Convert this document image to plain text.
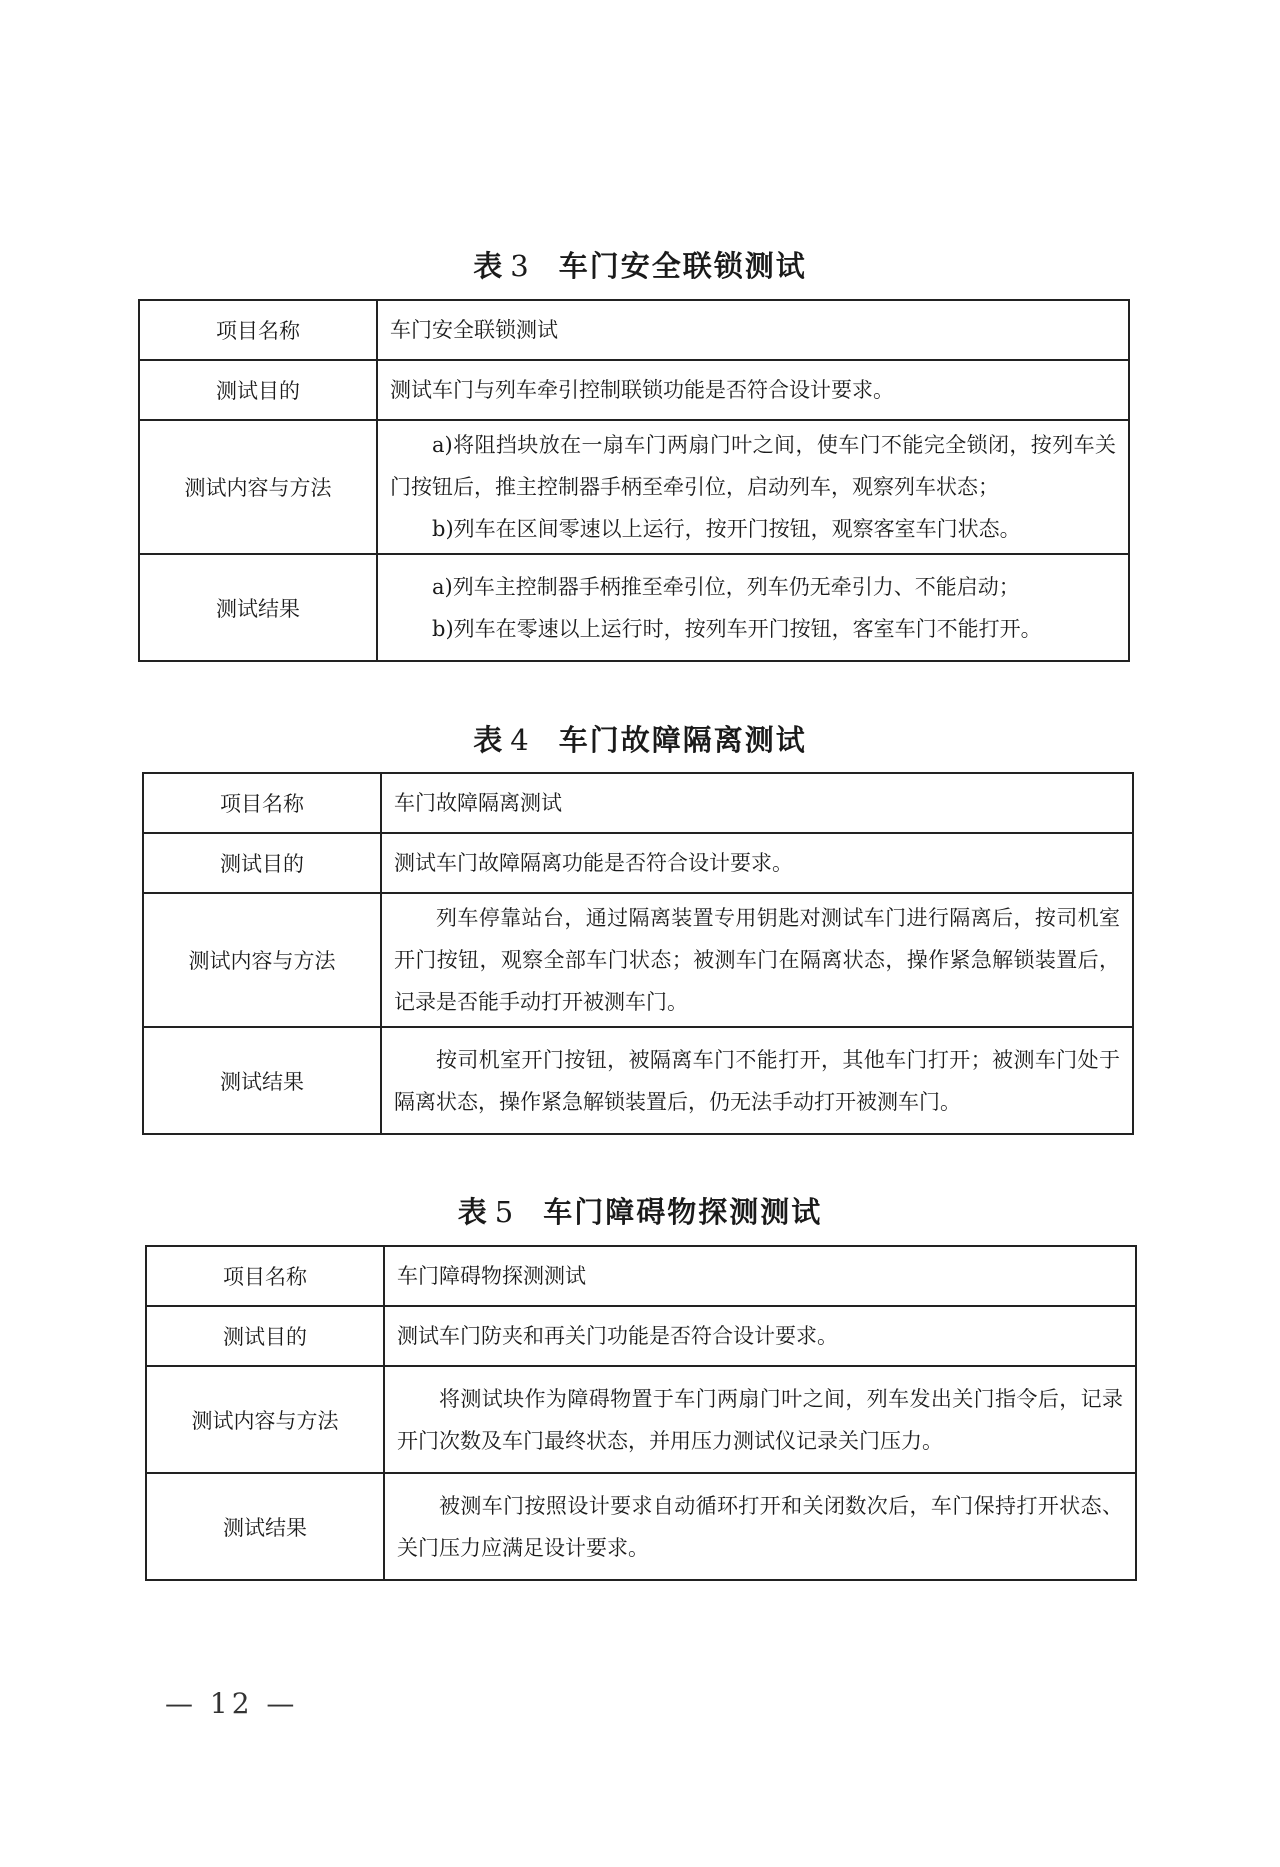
表 3 车门安全联锁测试
项目名称	车门安全联锁测试

测试目的	测试车门与列车牵引控制联锁功能是否符合设计要求。

测试内容与方法	a)将阻挡块放在一扇车门两扇门叶之间，使车门不能完全锁闭，按列车关门按钮后，推主控制器手柄至牵引位，启动列车，观察列车状态；
b)列车在区间零速以上运行，按开门按钮，观察客室车门状态。

测试结果	a)列车主控制器手柄推至牵引位，列车仍无牵引力、不能启动；
b)列车在零速以上运行时，按列车开门按钮，客室车门不能打开。
表 4 车门故障隔离测试
项目名称	车门故障隔离测试

测试目的	测试车门故障隔离功能是否符合设计要求。

测试内容与方法	列车停靠站台，通过隔离装置专用钥匙对测试车门进行隔离后，按司机室开门按钮，观察全部车门状态；被测车门在隔离状态，操作紧急解锁装置后，记录是否能手动打开被测车门。

测试结果	按司机室开门按钮，被隔离车门不能打开，其他车门打开；被测车门处于隔离状态，操作紧急解锁装置后，仍无法手动打开被测车门。
表 5 车门障碍物探测测试
项目名称	车门障碍物探测测试

测试目的	测试车门防夹和再关门功能是否符合设计要求。

测试内容与方法	将测试块作为障碍物置于车门两扇门叶之间，列车发出关门指令后，记录开门次数及车门最终状态，并用压力测试仪记录关门压力。

测试结果	被测车门按照设计要求自动循环打开和关闭数次后，车门保持打开状态、关门压力应满足设计要求。

— 12 —
